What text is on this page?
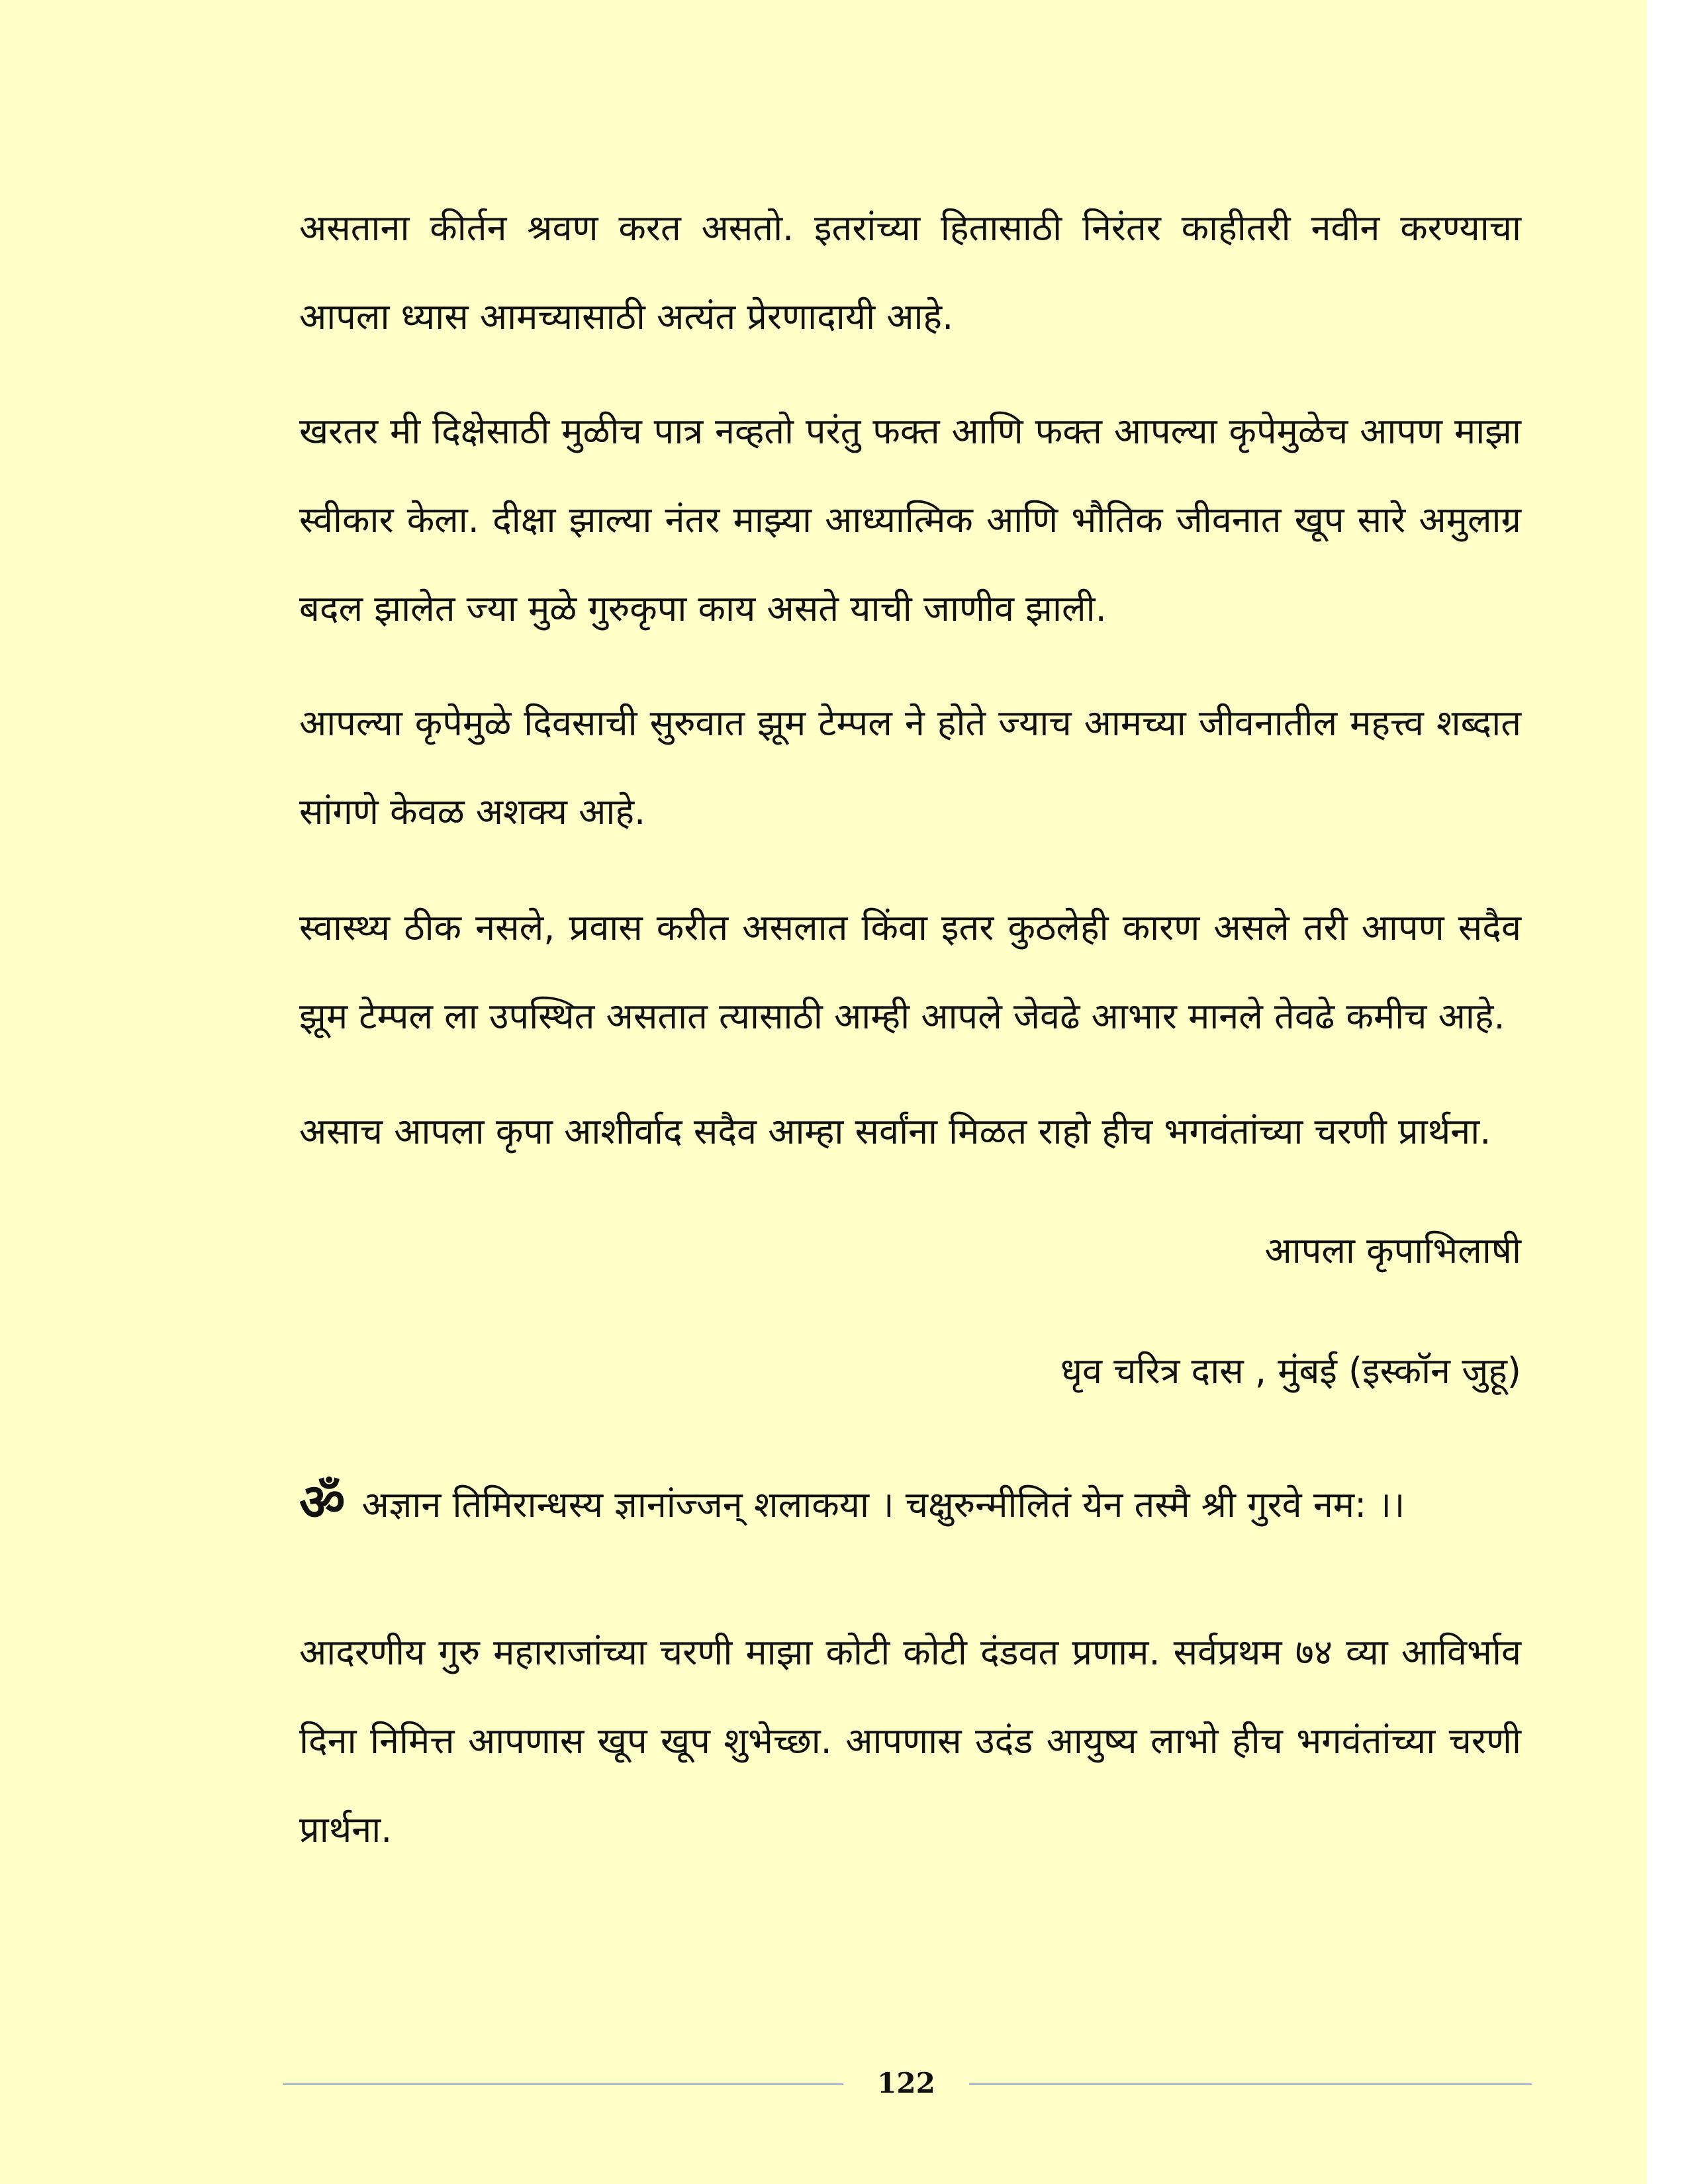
असताना कीर्तन श्रवण करत असतो. इतरांच्या हितासाठी निरंतर काहीतरी नवीन करण्याचा आपला ध्यास आमच्यासाठी अत्यंत प्रेरणादायी आहे.

खरतर मी दिक्षेसाठी मुळीच पात्र नव्हतो परंतु फक्त आणि फक्त आपल्या कृपेमुळेच आपण माझा स्वीकार केला. दीक्षा झाल्या नंतर माझ्या आध्यात्मिक आणि भौतिक जीवनात खूप सारे अमुलाग्र बदल झालेत ज्या मुळे गुरुकृपा काय असते याची जाणीव झाली.

आपल्या कृपेमुळे दिवसाची सुरुवात झूम टेम्पल ने होते ज्याच आमच्या जीवनातील महत्त्व शब्दात सांगणे केवळ अशक्य आहे.

स्वास्थ्य ठीक नसले, प्रवास करीत असलात किंवा इतर कुठलेही कारण असले तरी आपण सदैव झूम टेम्पल ला उपस्थित असतात त्यासाठी आम्ही आपले जेवढे आभार मानले तेवढे कमीच आहे.

असाच आपला कृपा आशीर्वाद सदैव आम्हा सर्वांना मिळत राहो हीच भगवंतांच्या चरणी प्रार्थना.

आपला कृपाभिलाषी

धृव चरित्र दास , मुंबई (इस्कॉन जुहू)

ॐ अज्ञान तिमिरान्धस्य ज्ञानांज्जन् शलाकया । चक्षुरुन्मीलितं येन तस्मै श्री गुरवे नम: ।।

आदरणीय गुरु महाराजांच्या चरणी माझा कोटी कोटी दंडवत प्रणाम. सर्वप्रथम ७४ व्या आविर्भाव दिना निमित्त आपणास खूप खूप शुभेच्छा. आपणास उदंड आयुष्य लाभो हीच भगवंतांच्या चरणी प्रार्थना.

122
